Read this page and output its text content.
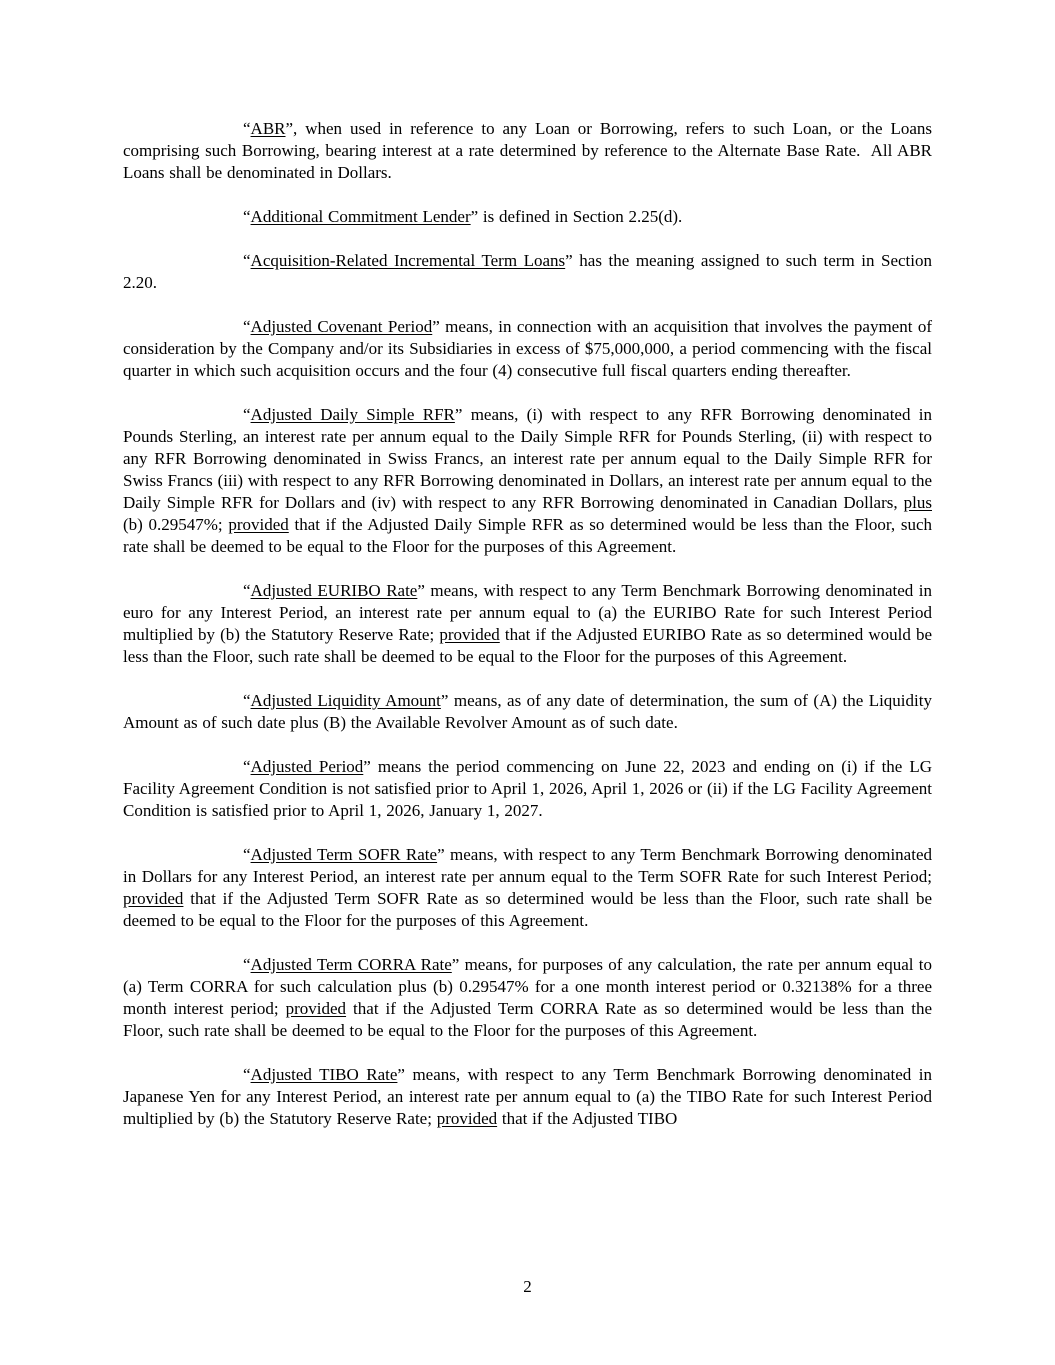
“ABR”, when used in reference to any Loan or Borrowing, refers to such Loan, or the Loans comprising such Borrowing, bearing interest at a rate determined by reference to the Alternate Base Rate.  All ABR Loans shall be denominated in Dollars.

“Additional Commitment Lender” is defined in Section 2.25(d).

“Acquisition-Related Incremental Term Loans” has the meaning assigned to such term in Section 2.20.

“Adjusted Covenant Period” means, in connection with an acquisition that involves the payment of consideration by the Company and/or its Subsidiaries in excess of $75,000,000, a period commencing with the fiscal quarter in which such acquisition occurs and the four (4) consecutive full fiscal quarters ending thereafter.

“Adjusted Daily Simple RFR” means, (i) with respect to any RFR Borrowing denominated in Pounds Sterling, an interest rate per annum equal to the Daily Simple RFR for Pounds Sterling, (ii) with respect to any RFR Borrowing denominated in Swiss Francs, an interest rate per annum equal to the Daily Simple RFR for Swiss Francs (iii) with respect to any RFR Borrowing denominated in Dollars, an interest rate per annum equal to the Daily Simple RFR for Dollars and (iv) with respect to any RFR Borrowing denominated in Canadian Dollars, plus (b) 0.29547%; provided that if the Adjusted Daily Simple RFR as so determined would be less than the Floor, such rate shall be deemed to be equal to the Floor for the purposes of this Agreement.

“Adjusted EURIBO Rate” means, with respect to any Term Benchmark Borrowing denominated in euro for any Interest Period, an interest rate per annum equal to (a) the EURIBO Rate for such Interest Period multiplied by (b) the Statutory Reserve Rate; provided that if the Adjusted EURIBO Rate as so determined would be less than the Floor, such rate shall be deemed to be equal to the Floor for the purposes of this Agreement.

“Adjusted Liquidity Amount” means, as of any date of determination, the sum of (A) the Liquidity Amount as of such date plus (B) the Available Revolver Amount as of such date.

“Adjusted Period” means the period commencing on June 22, 2023 and ending on (i) if the LG Facility Agreement Condition is not satisfied prior to April 1, 2026, April 1, 2026 or (ii) if the LG Facility Agreement Condition is satisfied prior to April 1, 2026, January 1, 2027.

“Adjusted Term SOFR Rate” means, with respect to any Term Benchmark Borrowing denominated in Dollars for any Interest Period, an interest rate per annum equal to the Term SOFR Rate for such Interest Period; provided that if the Adjusted Term SOFR Rate as so determined would be less than the Floor, such rate shall be deemed to be equal to the Floor for the purposes of this Agreement.

“Adjusted Term CORRA Rate” means, for purposes of any calculation, the rate per annum equal to (a) Term CORRA for such calculation plus (b) 0.29547% for a one month interest period or 0.32138% for a three month interest period; provided that if the Adjusted Term CORRA Rate as so determined would be less than the Floor, such rate shall be deemed to be equal to the Floor for the purposes of this Agreement.

“Adjusted TIBO Rate” means, with respect to any Term Benchmark Borrowing denominated in Japanese Yen for any Interest Period, an interest rate per annum equal to (a) the TIBO Rate for such Interest Period multiplied by (b) the Statutory Reserve Rate; provided that if the Adjusted TIBO

2
